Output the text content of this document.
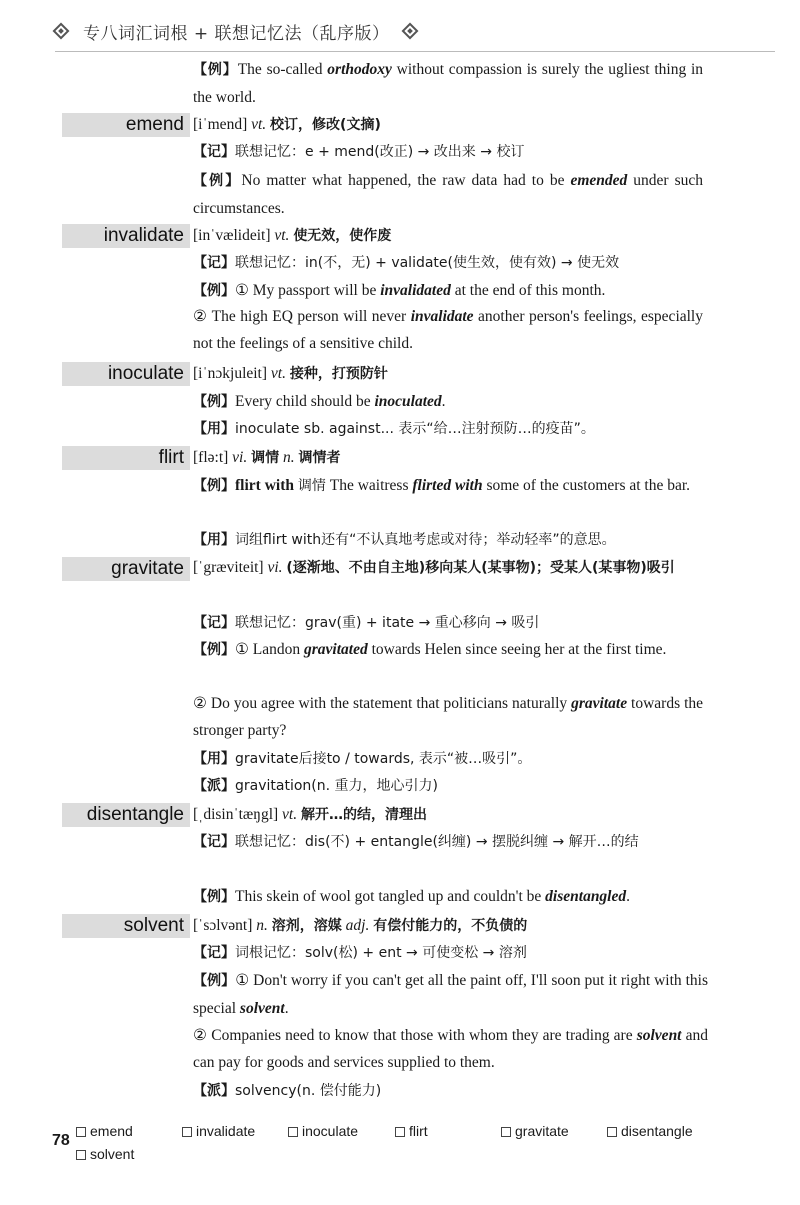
专八词汇词根 + 联想记忆法（乱序版）
【例】The so-called orthodoxy without compassion is surely the ugliest thing in the world.
emend [iˈmend] vt. 校订，修改(文摘)
【记】联想记忆：e + mend(改正) → 改出来 → 校订
【例】No matter what happened, the raw data had to be emended under such circumstances.
invalidate [inˈvælideit] vt. 使无效，使作废
【记】联想记忆：in(不，无) + validate(使生效，使有效) → 使无效
【例】① My passport will be invalidated at the end of this month.
② The high EQ person will never invalidate another person's feelings, especially not the feelings of a sensitive child.
inoculate [iˈnɔkjuleit] vt. 接种，打预防针
【例】Every child should be inoculated.
【用】inoculate sb. against... 表示“给…注射预防…的疫苗”。
flirt [flə:t] vi. 调情 n. 调情者
【例】flirt with 调情 The waitress flirted with some of the customers at the bar.
【用】词组flirt with还有“不认真地考虑或对待；举动轻率”的意思。
gravitate [ˈgræviteit] vi. (逐渐地、不由自主地)移向某人(某事物)；受某人(某事物)吸引
【记】联想记忆：grav(重) + itate → 重心移向 → 吸引
【例】① Landon gravitated towards Helen since seeing her at the first time.
② Do you agree with the statement that politicians naturally gravitate towards the stronger party?
【用】gravitate后接to / towards, 表示“被…吸引”。
【派】gravitation(n. 重力，地心引力)
disentangle [ˌdisinˈtæŋgl] vt. 解开…的结，清理出
【记】联想记忆：dis(不) + entangle(纠缠) → 摆脱纠缠 → 解开…的结
【例】This skein of wool got tangled up and couldn't be disentangled.
solvent [ˈsɔlvənt] n. 溶剂，溶媒 adj. 有偿付能力的，不负债的
【记】词根记忆：solv(松) + ent → 可使变松 → 溶剂
【例】① Don't worry if you can't get all the paint off, I'll soon put it right with this special solvent.
② Companies need to know that those with whom they are trading are solvent and can pay for goods and services supplied to them.
【派】solvency(n. 偿付能力)
78
emend	invalidate	inoculate	flirt	gravitate	disentangle
solvent
